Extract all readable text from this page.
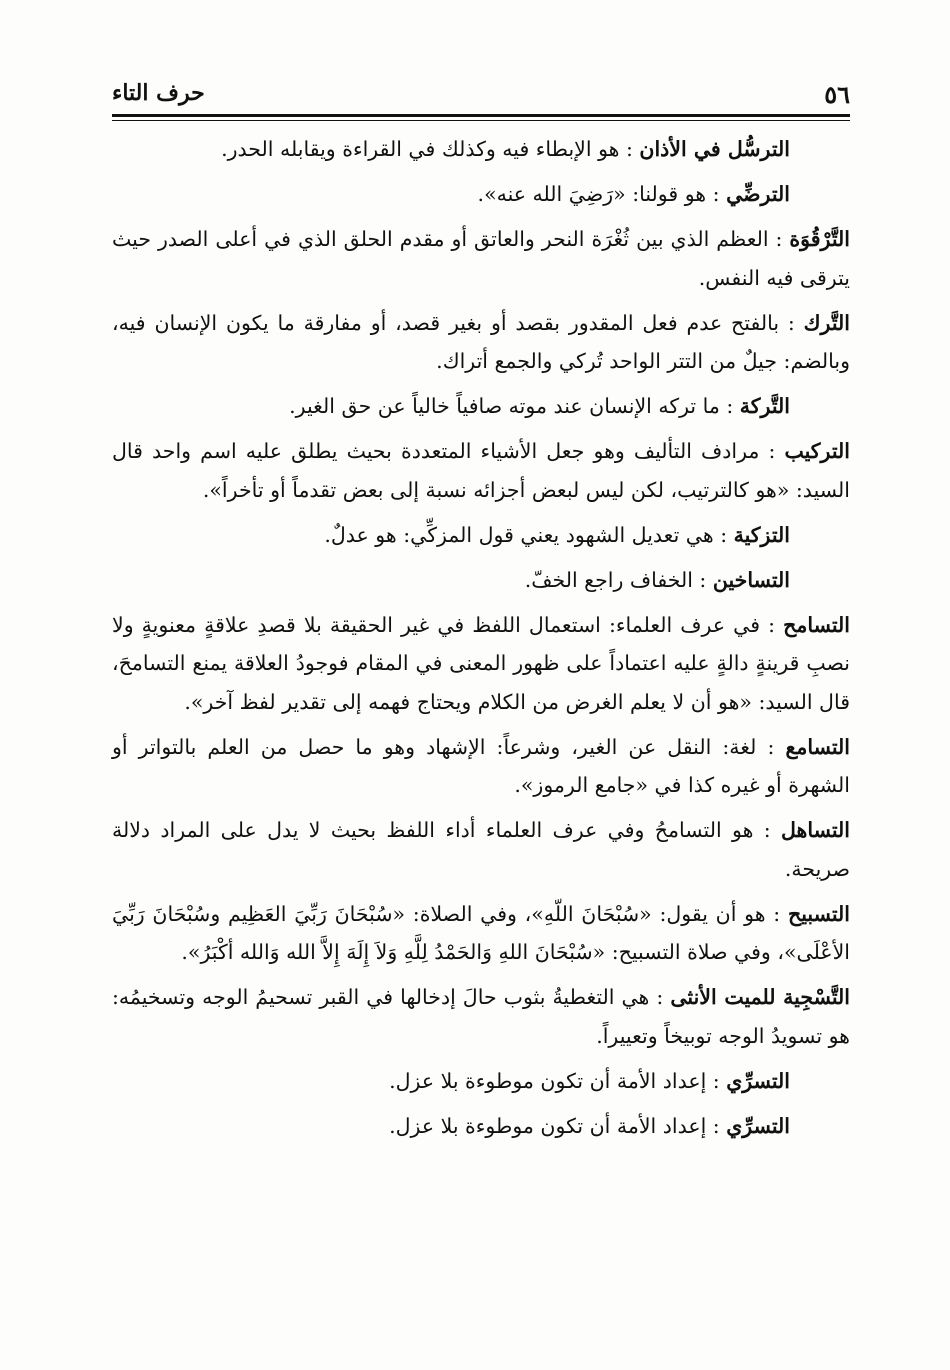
٥٦
حرف التاء

الترسُّل في الأذان : هو الإبطاء فيه وكذلك في القراءة ويقابله الحدر.

الترضِّي : هو قولنا: «رَضِيَ الله عنه».

التَّرْقُوَة : العظم الذي بين ثُغْرَة النحر والعاتق أو مقدم الحلق الذي في أعلى الصدر حيث يترقى فيه النفس.

التَّرك : بالفتح عدم فعل المقدور بقصد أو بغير قصد، أو مفارقة ما يكون الإنسان فيه، وبالضم: جيلٌ من التتر الواحد تُركي والجمع أتراك.

التَّركة : ما تركه الإنسان عند موته صافياً خالياً عن حق الغير.

التركيب : مرادف التأليف وهو جعل الأشياء المتعددة بحيث يطلق عليه اسم واحد قال السيد: «هو كالترتيب، لكن ليس لبعض أجزائه نسبة إلى بعض تقدماً أو تأخراً».

التزكية : هي تعديل الشهود يعني قول المزكِّي: هو عدلٌ.

التساخين : الخفاف راجع الخفّ.

التسامح : في عرف العلماء: استعمال اللفظ في غير الحقيقة بلا قصدِ علاقةٍ معنويةٍ ولا نصبِ قرينةٍ دالةٍ عليه اعتماداً على ظهور المعنى في المقام فوجودُ العلاقة يمنع التسامحَ، قال السيد: «هو أن لا يعلم الغرض من الكلام ويحتاج فهمه إلى تقدير لفظ آخر».

التسامع : لغة: النقل عن الغير، وشرعاً: الإشهاد وهو ما حصل من العلم بالتواتر أو الشهرة أو غيره كذا في «جامع الرموز».

التساهل : هو التسامحُ وفي عرف العلماء أداء اللفظ بحيث لا يدل على المراد دلالة صريحة.

التسبيح : هو أن يقول: «سُبْحَانَ اللّهِ»، وفي الصلاة: «سُبْحَانَ رَبِّيَ العَظِيم وسُبْحَانَ رَبِّيَ الأعْلَى»، وفي صلاة التسبيح: «سُبْحَانَ اللهِ وَالحَمْدُ لِلَّهِ وَلاَ إِلَهَ إِلاَّ الله وَالله أكْبَرُ».

التَّسْجِية للميت الأنثى : هي التغطيةُ بثوب حالَ إدخالها في القبر تسحيمُ الوجه وتسخيمُه: هو تسويدُ الوجه توبيخاً وتعييراً.

التسرِّي : إعداد الأمة أن تكون موطوءة بلا عزل.

التسرِّي : إعداد الأمة أن تكون موطوءة بلا عزل.
